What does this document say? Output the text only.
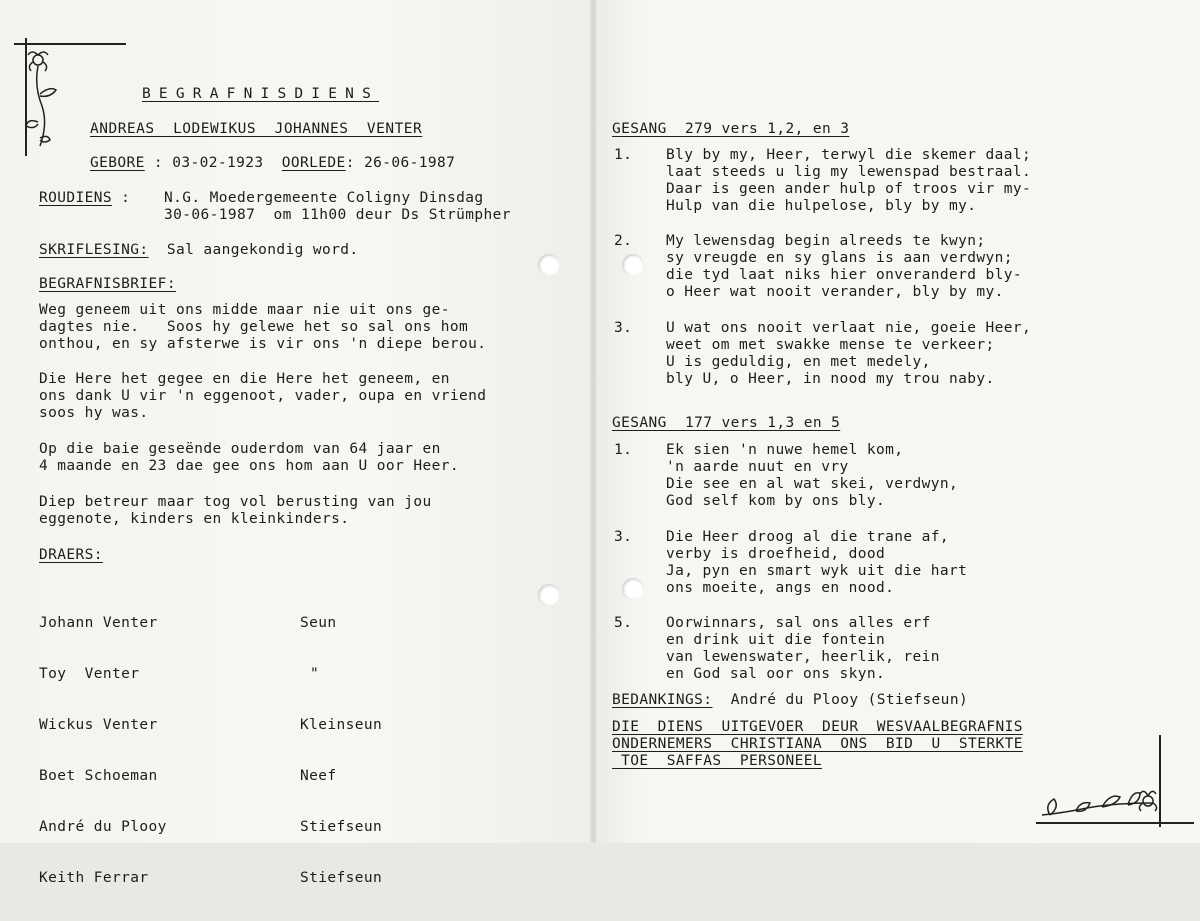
BEGRAFNISDIENS
ANDREAS  LODEWIKUS  JOHANNES  VENTER
GEBORE : 03-02-1923 OORLEDE: 26-06-1987
ROUDIENS : N.G. Moedergemeente Coligny Dinsdag
30-06-1987  om 11h00 deur Ds Strümpher
SKRIFLESING: Sal aangekondig word.
BEGRAFNISBRIEF:
Weg geneem uit ons midde maar nie uit ons ge-
dagtes nie.   Soos hy gelewe het so sal ons hom
onthou, en sy afsterwe is vir ons 'n diepe berou.
Die Here het gegee en die Here het geneem, en
ons dank U vir 'n eggenoot, vader, oupa en vriend
soos hy was.
Op die baie geseënde ouderdom van 64 jaar en
4 maande en 23 dae gee ons hom aan U oor Heer.
Diep betreur maar tog vol berusting van jou
eggenote, kinders en kleinkinders.
DRAERS:

Johann Venter

Toy  Venter

Wickus Venter

Boet Schoeman

André du Plooy

Keith Ferrar

Seun

"

Kleinseun

Neef

Stiefseun

Stiefseun

GESANG  279 vers 1,2, en 3
1. Bly by my, Heer, terwyl die skemer daal;
laat steeds u lig my lewenspad bestraal.
Daar is geen ander hulp of troos vir my-
Hulp van die hulpelose, bly by my.
2. My lewensdag begin alreeds te kwyn;
sy vreugde en sy glans is aan verdwyn;
die tyd laat niks hier onveranderd bly-
o Heer wat nooit verander, bly by my.
3. U wat ons nooit verlaat nie, goeie Heer,
weet om met swakke mense te verkeer;
U is geduldig, en met medely,
bly U, o Heer, in nood my trou naby.
GESANG  177 vers 1,3 en 5
1. Ek sien 'n nuwe hemel kom,
'n aarde nuut en vry
Die see en al wat skei, verdwyn,
God self kom by ons bly.
3. Die Heer droog al die trane af,
verby is droefheid, dood
Ja, pyn en smart wyk uit die hart
ons moeite, angs en nood.
5. Oorwinnars, sal ons alles erf
en drink uit die fontein
van lewenswater, heerlik, rein
en God sal oor ons skyn.
BEDANKINGS: André du Plooy (Stiefseun)
DIE  DIENS  UITGEVOER  DEUR  WESVAALBEGRAFNIS
ONDERNEMERS  CHRISTIANA  ONS  BID  U  STERKTE
TOE  SAFFAS  PERSONEEL
